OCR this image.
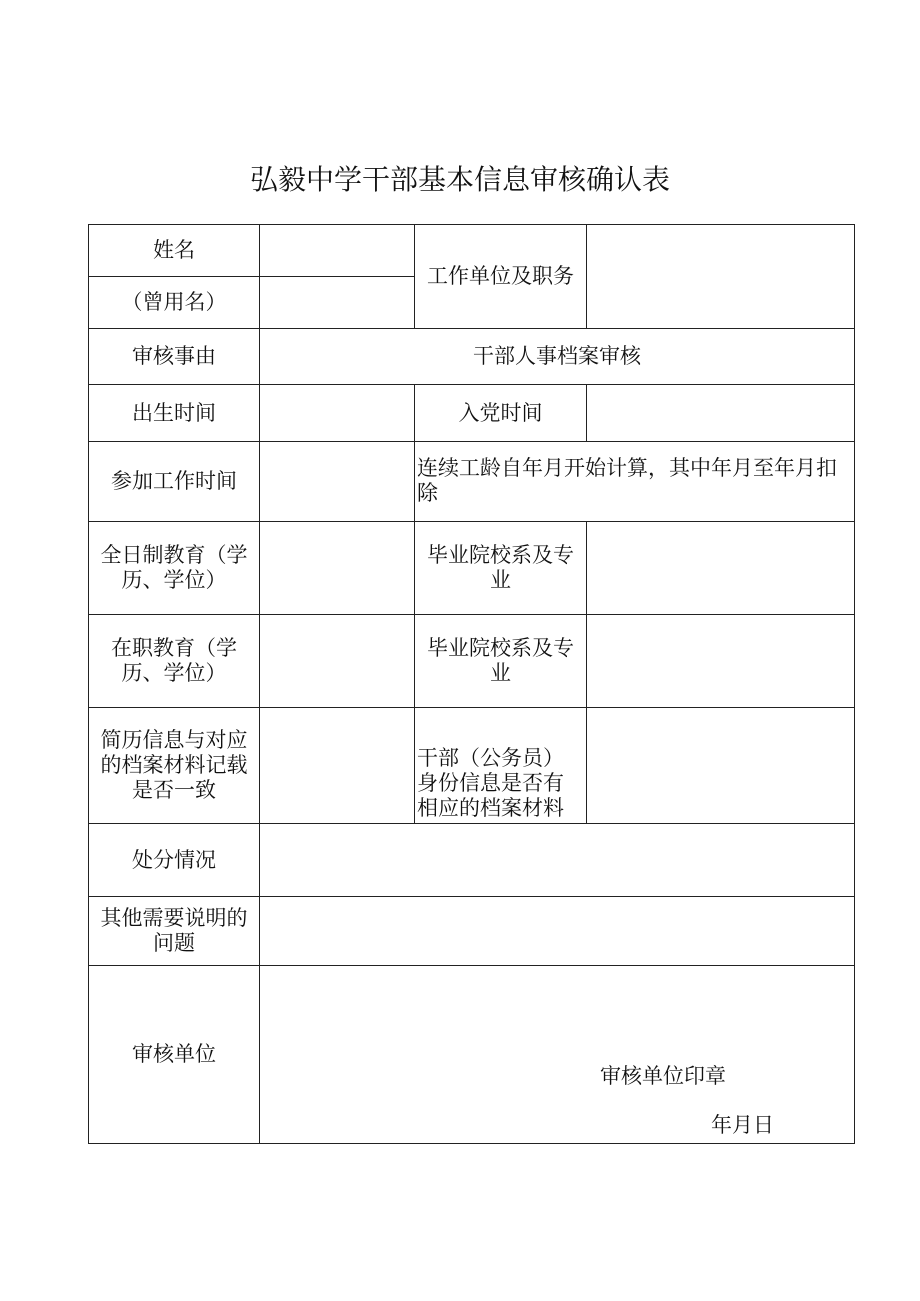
弘毅中学干部基本信息审核确认表
姓名		工作单位及职务	
（曾用名）			
审核事由	干部人事档案审核		
出生时间		入党时间	
参加工作时间		连续工龄自年月开始计算，其中年月至年月扣除	
全日制教育（学历、学位）		毕业院校系及专业	
在职教育（学历、学位）		毕业院校系及专业	
简历信息与对应的档案材料记载是否一致		干部（公务员）身份信息是否有相应的档案材料	
处分情况			
其他需要说明的问题			
审核单位	审核单位印章
年月日		
